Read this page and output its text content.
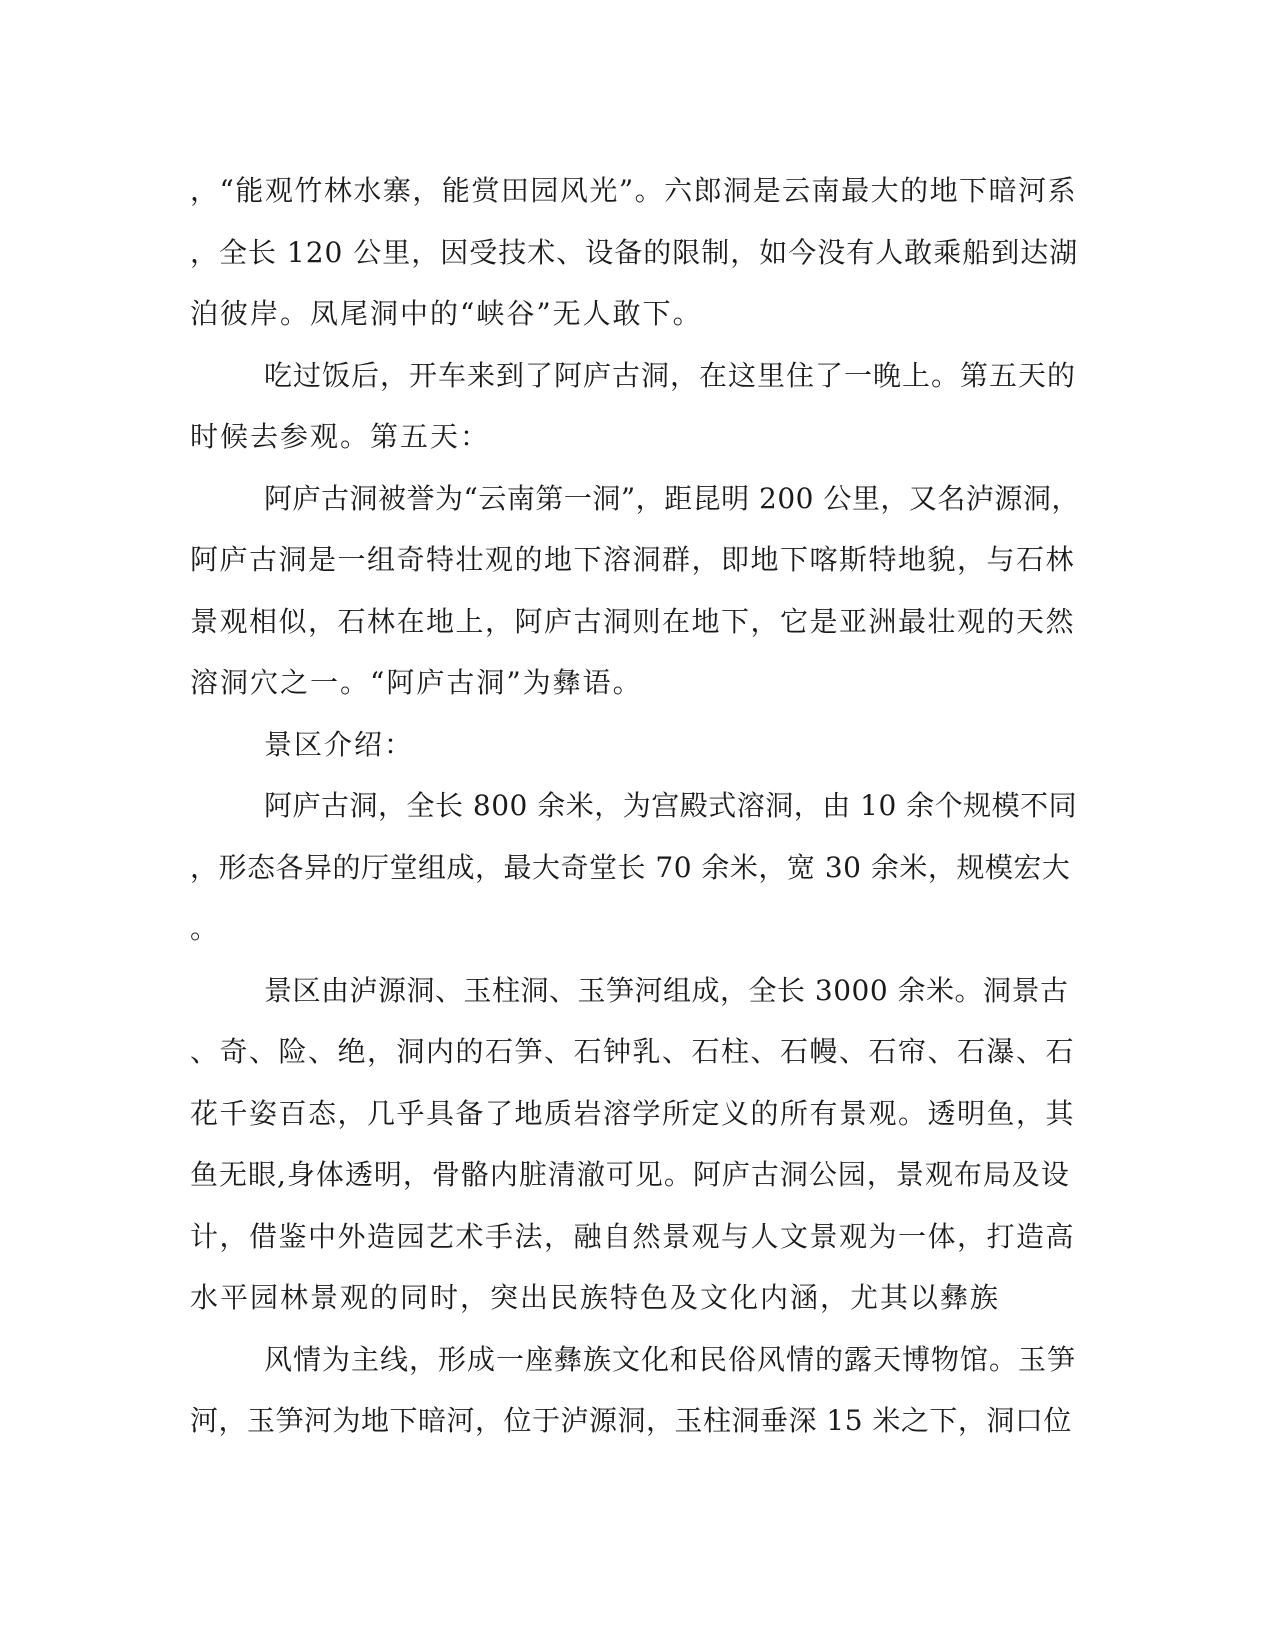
，“能观竹林水寨，能赏田园风光”。六郎洞是云南最大的地下暗河系
，全长 120 公里，因受技术、设备的限制，如今没有人敢乘船到达湖
泊彼岸。凤尾洞中的“峡谷”无人敢下。
吃过饭后，开车来到了阿庐古洞，在这里住了一晚上。第五天的
时候去参观。第五天：
阿庐古洞被誉为“云南第一洞”，距昆明 200 公里，又名泸源洞，
阿庐古洞是一组奇特壮观的地下溶洞群，即地下喀斯特地貌，与石林
景观相似，石林在地上，阿庐古洞则在地下，它是亚洲最壮观的天然
溶洞穴之一。“阿庐古洞”为彝语。
景区介绍：
阿庐古洞，全长 800 余米，为宫殿式溶洞，由 10 余个规模不同
，形态各异的厅堂组成，最大奇堂长 70 余米，宽 30 余米，规模宏大
。
景区由泸源洞、玉柱洞、玉笋河组成，全长 3000 余米。洞景古
、奇、险、绝，洞内的石笋、石钟乳、石柱、石幔、石帘、石瀑、石
花千姿百态，几乎具备了地质岩溶学所定义的所有景观。透明鱼，其
鱼无眼,身体透明，骨骼内脏清澈可见。阿庐古洞公园，景观布局及设
计，借鉴中外造园艺术手法，融自然景观与人文景观为一体，打造高
水平园林景观的同时，突出民族特色及文化内涵，尤其以彝族
风情为主线，形成一座彝族文化和民俗风情的露天博物馆。玉笋
河，玉笋河为地下暗河，位于泸源洞，玉柱洞垂深 15 米之下，洞口位
